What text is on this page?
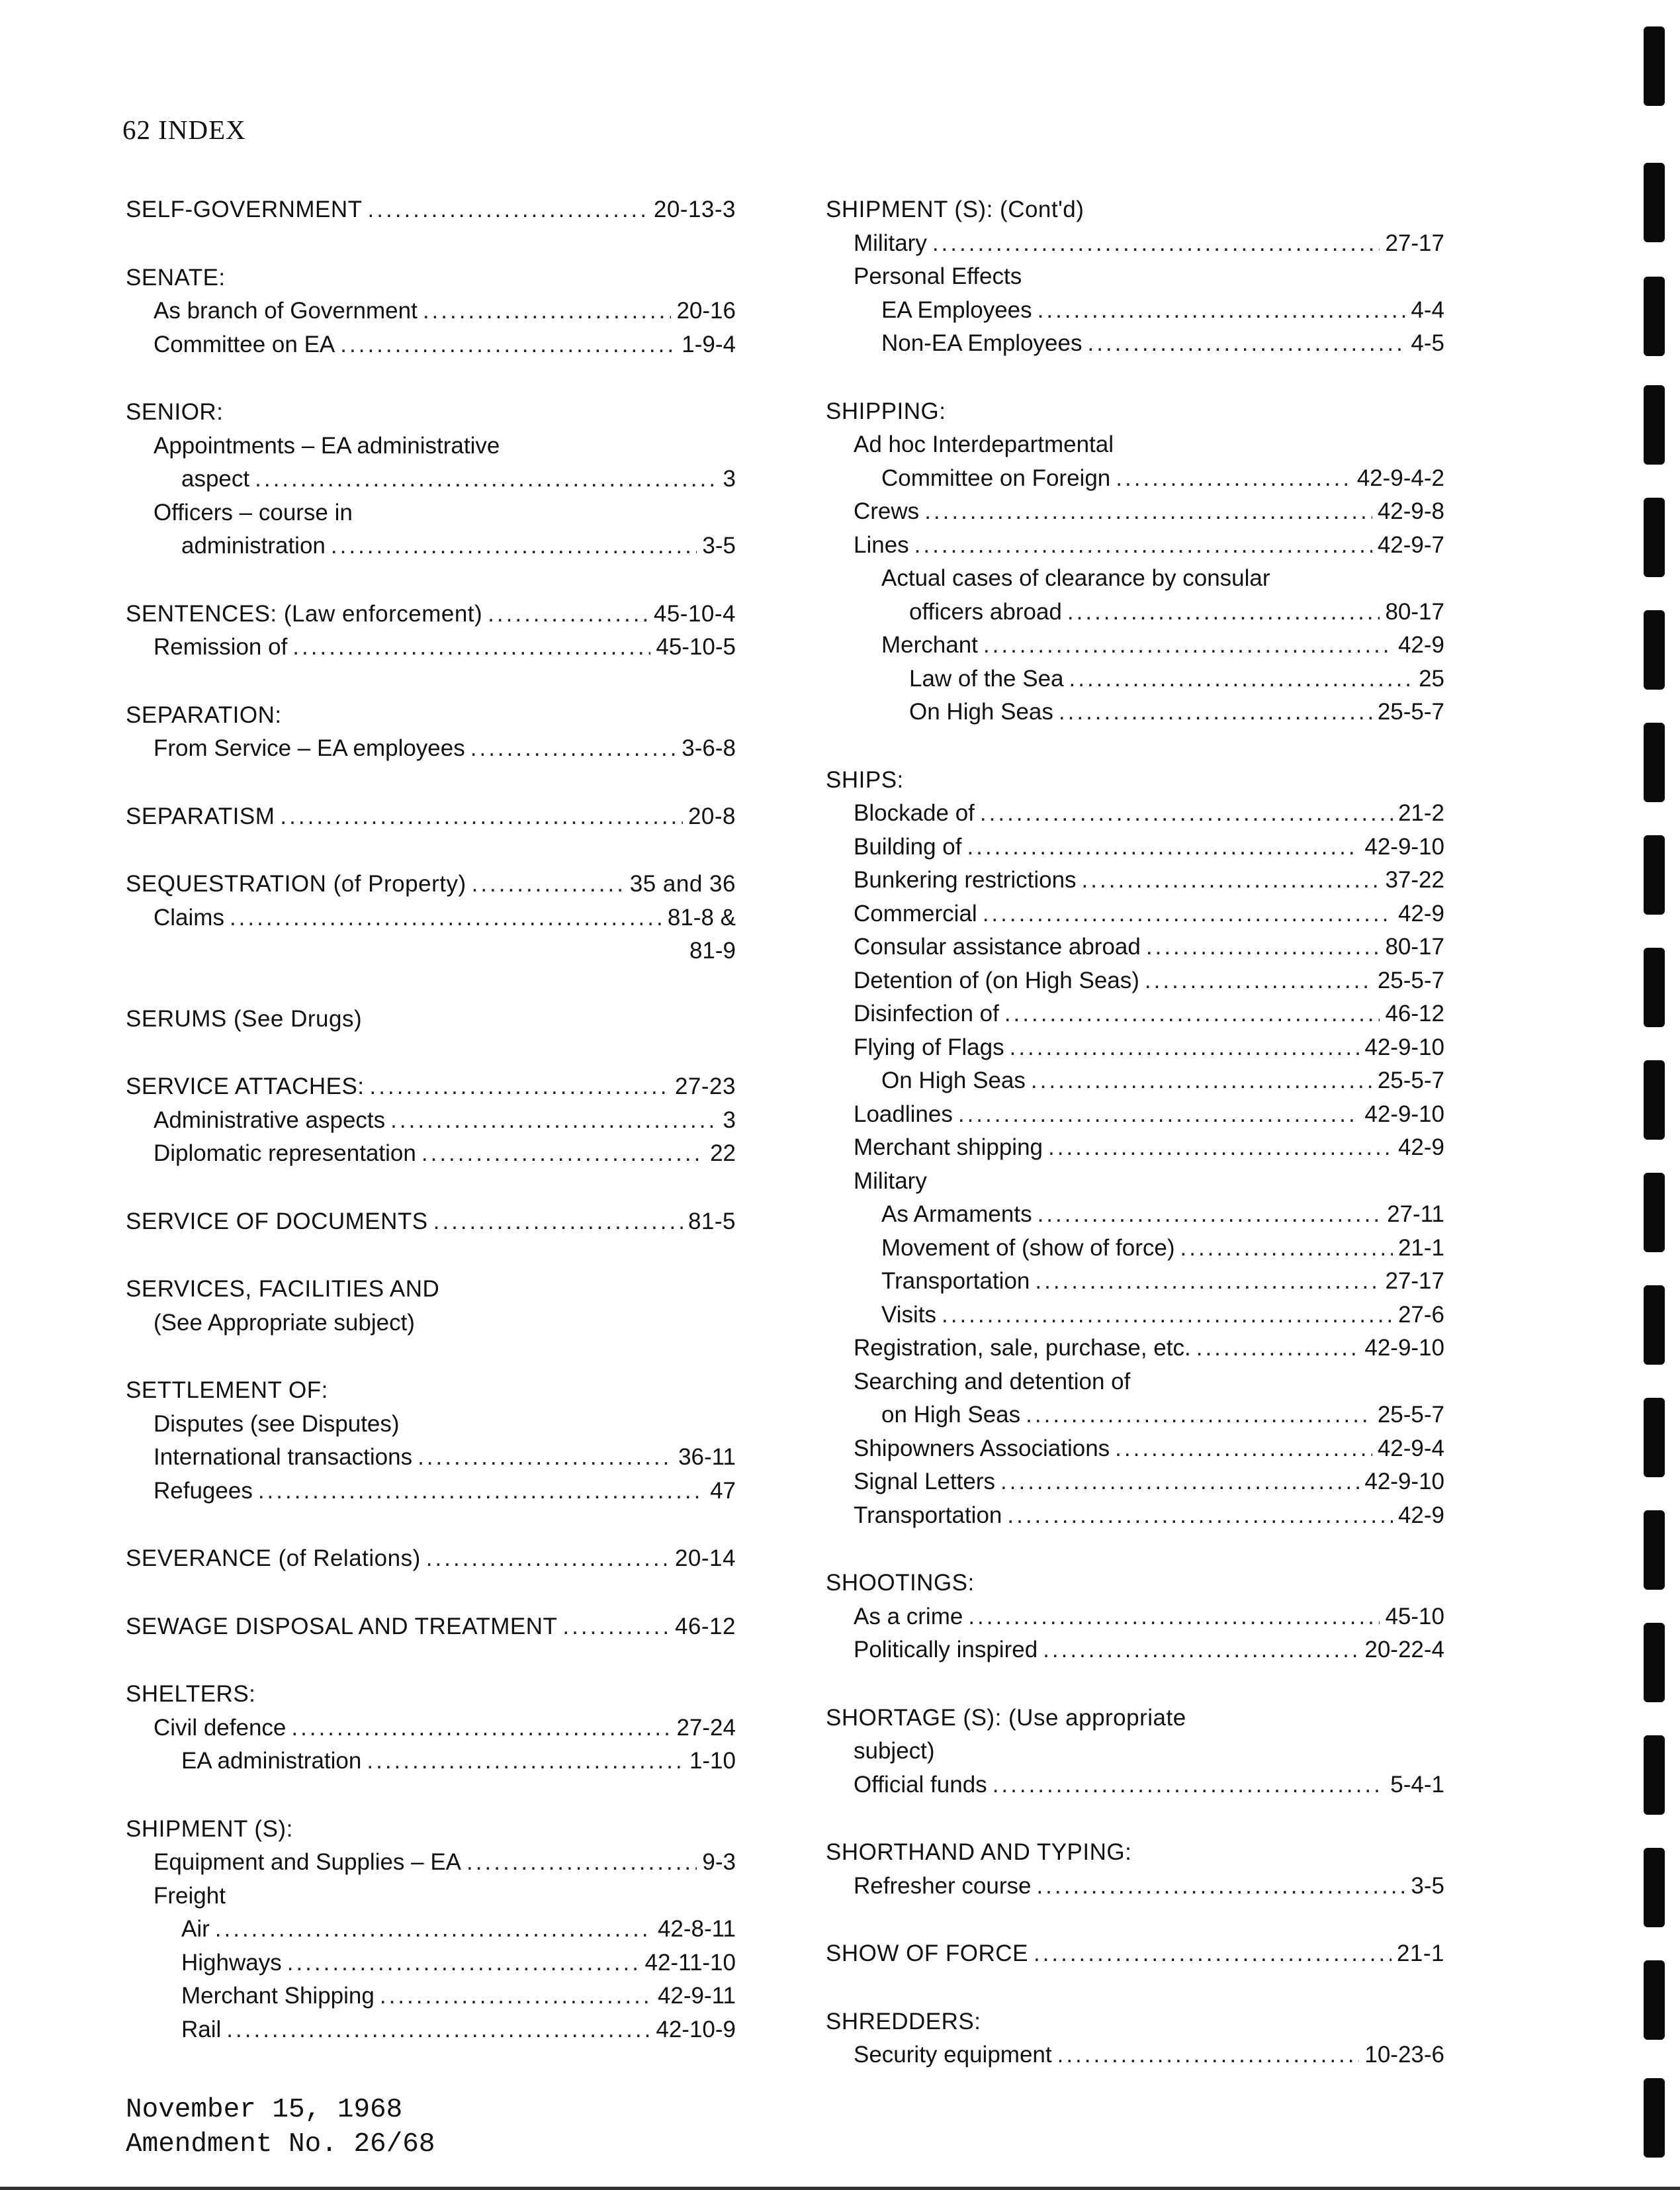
62 INDEX
SELF-GOVERNMENT .....	20-13-3
SENATE:
As branch of Government .....	20-16
Committee on EA .....	1-9-4
SENIOR:
Appointments – EA administrative
aspect .....	3
Officers – course in
administration .....	3-5
SENTENCES: (Law enforcement) .....	45-10-4
Remission of .....	45-10-5
SEPARATION:
From Service – EA employees .....	3-6-8
SEPARATISM .....	20-8
SEQUESTRATION (of Property) .....	35 and 36
Claims .....	81-8 &
81-9
SERUMS (See Drugs)
SERVICE ATTACHES: .....	27-23
Administrative aspects .....	3
Diplomatic representation .....	22
SERVICE OF DOCUMENTS .....	81-5
SERVICES, FACILITIES AND
(See Appropriate subject)
SETTLEMENT OF:
Disputes (see Disputes)
International transactions .....	36-11
Refugees .....	47
SEVERANCE (of Relations) .....	20-14
SEWAGE DISPOSAL AND TREATMENT .....	46-12
SHELTERS:
Civil defence .....	27-24
EA administration .....	1-10
SHIPMENT (S):
Equipment and Supplies – EA .....	9-3
Freight
Air .....	42-8-11
Highways .....	42-11-10
Merchant Shipping .....	42-9-11
Rail .....	42-10-9
SHIPMENT (S): (Cont'd)
Military .....	27-17
Personal Effects
EA Employees .....	4-4
Non-EA Employees .....	4-5
SHIPPING:
Ad hoc Interdepartmental
Committee on Foreign .....	42-9-4-2
Crews .....	42-9-8
Lines .....	42-9-7
Actual cases of clearance by consular
officers abroad .....	80-17
Merchant .....	42-9
Law of the Sea .....	25
On High Seas .....	25-5-7
SHIPS:
Blockade of .....	21-2
Building of .....	42-9-10
Bunkering restrictions .....	37-22
Commercial .....	42-9
Consular assistance abroad .....	80-17
Detention of (on High Seas) .....	25-5-7
Disinfection of .....	46-12
Flying of Flags .....	42-9-10
On High Seas .....	25-5-7
Loadlines .....	42-9-10
Merchant shipping .....	42-9
Military
As Armaments .....	27-11
Movement of (show of force) .....	21-1
Transportation .....	27-17
Visits .....	27-6
Registration, sale, purchase, etc. .....	42-9-10
Searching and detention of
on High Seas .....	25-5-7
Shipowners Associations .....	42-9-4
Signal Letters .....	42-9-10
Transportation .....	42-9
SHOOTINGS:
As a crime .....	45-10
Politically inspired .....	20-22-4
SHORTAGE (S): (Use appropriate
subject)
Official funds .....	5-4-1
SHORTHAND AND TYPING:
Refresher course .....	3-5
SHOW OF FORCE .....	21-1
SHREDDERS:
Security equipment .....	10-23-6
November 15, 1968
Amendment No. 26/68
